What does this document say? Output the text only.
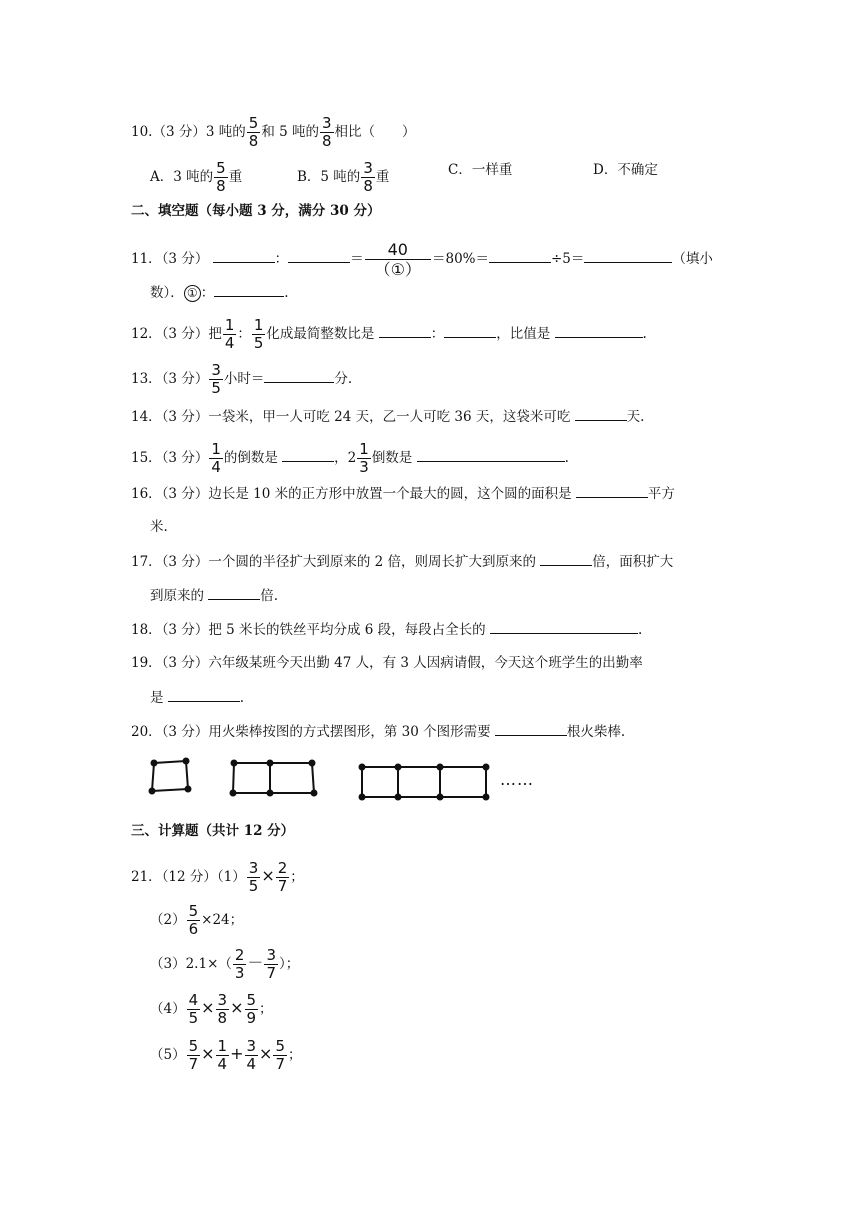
10.（3 分）3 吨的 $\frac{5}{8}$ 和 5 吨的 $\frac{3}{8}$ 相比（　　）
A．3 吨的 $\frac{5}{8}$ 重	B．5 吨的 $\frac{3}{8}$ 重	C．一样重	D．不确定
二、填空题（每小题 3 分，满分 30 分）
11．（3 分）	：	＝ $\frac{40}{\text{（①）}} =80\%=$	÷5＝	（填小
数）． ① ：	.
12．（3 分）把 $\frac{1}{4}$ ： $\frac{1}{5}$ 化成最简整数比是	：	，比值是	.
13．（3 分） $\frac{3}{5}$ 小时＝	分.
14．（3 分）一袋米，甲一人可吃 24 天，乙一人可吃 36 天，这袋米可吃	天.
15．（3 分） $\frac{1}{4}$ 的倒数是	，$2 \frac{1}{3}$ 倒数是	.
16．（3 分）边长是 10 米的正方形中放置一个最大的圆，这个圆的面积是	平方
米.
17．（3 分）一个圆的半径扩大到原来的 2 倍，则周长扩大到原来的	倍，面积扩大
到原来的	倍.
18．（3 分）把 5 米长的铁丝平均分成 6 段，每段占全长的	.
19．（3 分）六年级某班今天出勤 47 人，有 3 人因病请假，今天这个班学生的出勤率
是	.
20．（3 分）用火柴棒按图的方式摆图形，第 30 个图形需要	根火柴棒.
……
三、计算题（共计 12 分）
21．（12 分）$(1) \frac{3}{5} \times \frac{2}{7}$ ；
$(2) \frac{5}{6} \times 24$；
$(3)2.1\times( \frac{2}{3} - \frac{3}{7}$ ）；
$(4) \frac{4}{5} \times \frac{3}{8} \times \frac{5}{9}$ ；
$(5) \frac{5}{7} \times \frac{1}{4} + \frac{3}{4} \times \frac{5}{7}$ ；
